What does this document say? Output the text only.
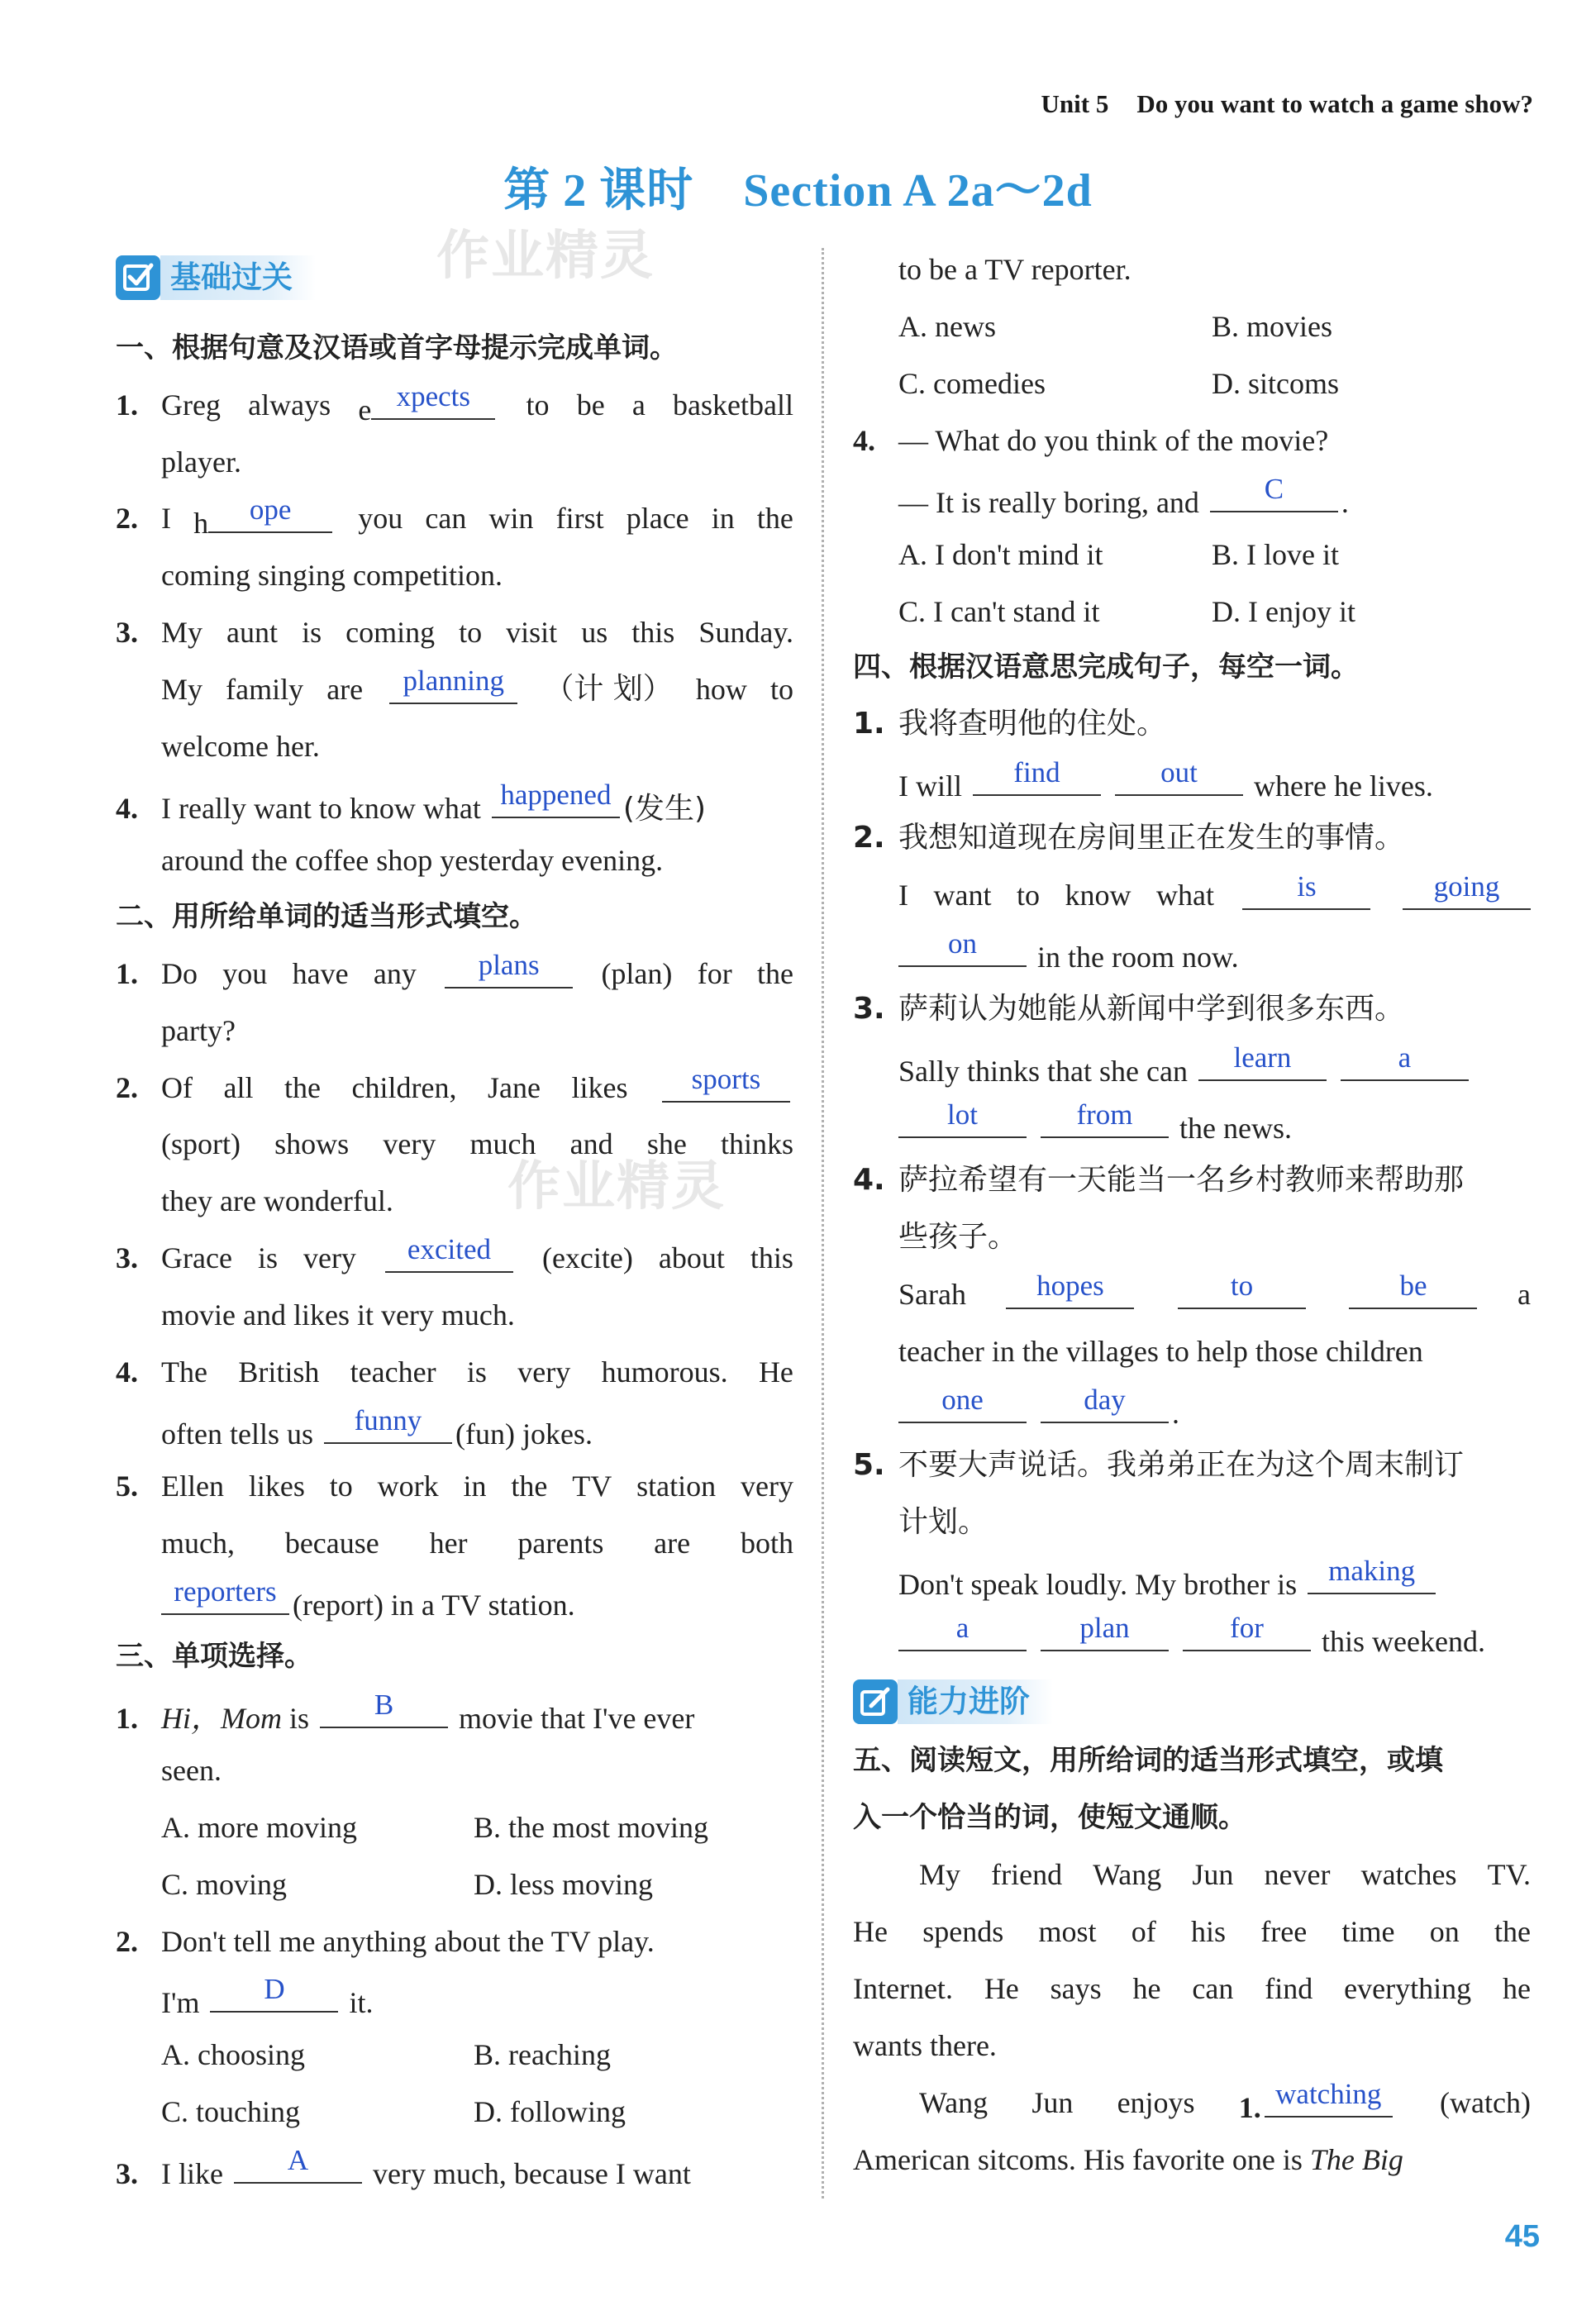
Unit 5 Do you want to watch a game show?
第 2 课时 Section A 2a～2d
作业精灵
作业精灵
基础过关
一、根据句意及汉语或首字母提示完成单词。
1. Greg always e xpects	to be a basketball
player.
2. I h	ope	you can win first place in the
coming singing competition.
3. My aunt is coming to visit us this Sunday.
My family are	planning	（计 划） how to
welcome her.
4. I really want to know what happened (发生)
around the coffee shop yesterday evening.
二、用所给单词的适当形式填空。
1. Do you have any	plans	(plan) for the
party?
2. Of all the children, Jane likes	sports
(sport) shows very much and she thinks
they are wonderful.
3. Grace is very	excited	(excite) about this
movie and likes it very much.
4. The British teacher is very humorous. He
often tells us	funny	(fun) jokes.
5. Ellen likes to work in the TV station very
much, because her parents are both
reporters (report) in a TV station.
三、单项选择。
1. Hi，Mom is	B	movie that I've ever
seen.
A. more moving	B. the most moving
C. moving	D. less moving
2. Don't tell me anything about the TV play.
I'm	D	it.
A. choosing	B. reaching
C. touching	D. following
3. I like	A	very much, because I want
to be a TV reporter.
A. news	B. movies
C. comedies	D. sitcoms
4. — What do you think of the movie?
— It is really boring, and	C	.
A. I don't mind it	B. I love it
C. I can't stand it	D. I enjoy it
四、根据汉语意思完成句子，每空一词。
1. 我将查明他的住处。
I will	find
	out	where he lives.
2. 我想知道现在房间里正在发生的事情。
I want to know what	is	going
on	in the room now.
3. 萨莉认为她能从新闻中学到很多东西。
Sally thinks that she can	learn
	a
lot
	from	the news.
4. 萨拉希望有一天能当一名乡村教师来帮助那
些孩子。
Sarah	hopes	to	be	a
teacher in the villages to help those children
one
	day	.
5. 不要大声说话。我弟弟正在为这个周末制订
计划。
Don't speak loudly. My brother is	making
a
	plan
	for	this weekend.
能力进阶
五、阅读短文，用所给词的适当形式填空，或填
入一个恰当的词，使短文通顺。
My friend Wang Jun never watches TV.
He spends most of his free time on the
Internet. He says he can find everything he
wants there.
Wang Jun enjoys 1. watching	(watch)
American sitcoms. His favorite one is The Big
45
